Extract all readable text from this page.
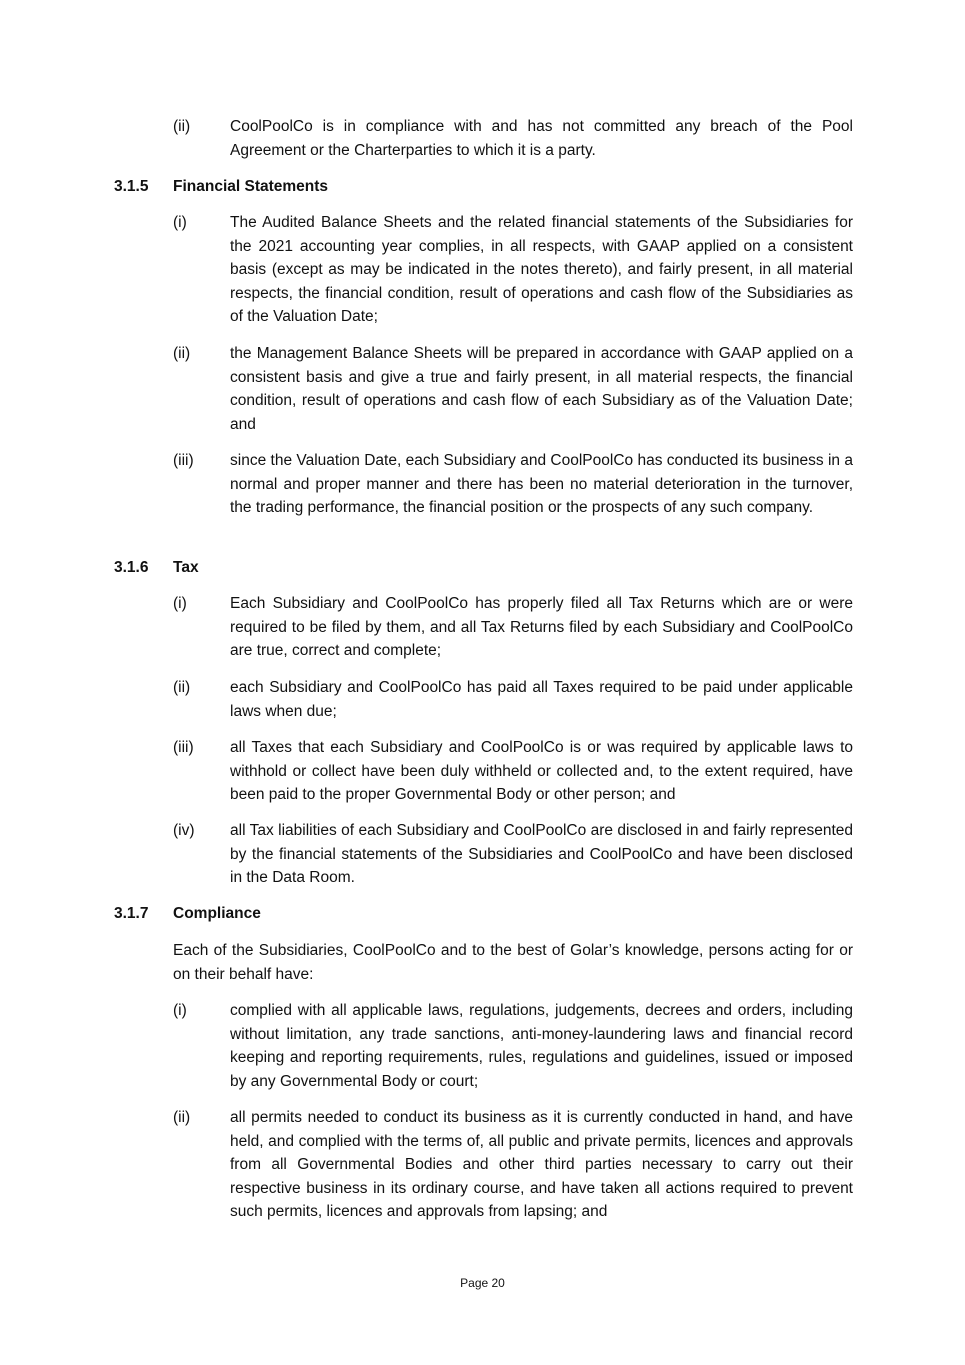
(ii)	CoolPoolCo is in compliance with and has not committed any breach of the Pool Agreement or the Charterparties to which it is a party.
3.1.5 Financial Statements
(i)	The Audited Balance Sheets and the related financial statements of the Subsidiaries for the 2021 accounting year complies, in all respects, with GAAP applied on a consistent basis (except as may be indicated in the notes thereto), and fairly present, in all material respects, the financial condition, result of operations and cash flow of the Subsidiaries as of the Valuation Date;
(ii)	the Management Balance Sheets will be prepared in accordance with GAAP applied on a consistent basis and give a true and fairly present, in all material respects, the financial condition, result of operations and cash flow of each Subsidiary as of the Valuation Date; and
(iii) since the Valuation Date, each Subsidiary and CoolPoolCo has conducted its business in a normal and proper manner and there has been no material deterioration in the turnover, the trading performance, the financial position or the prospects of any such company.
3.1.6 Tax
(i)	Each Subsidiary and CoolPoolCo has properly filed all Tax Returns which are or were required to be filed by them, and all Tax Returns filed by each Subsidiary and CoolPoolCo are true, correct and complete;
(ii)	each Subsidiary and CoolPoolCo has paid all Taxes required to be paid under applicable laws when due;
(iii) all Taxes that each Subsidiary and CoolPoolCo is or was required by applicable laws to withhold or collect have been duly withheld or collected and, to the extent required, have been paid to the proper Governmental Body or other person; and
(iv) all Tax liabilities of each Subsidiary and CoolPoolCo are disclosed in and fairly represented by the financial statements of the Subsidiaries and CoolPoolCo and have been disclosed in the Data Room.
3.1.7 Compliance
Each of the Subsidiaries, CoolPoolCo and to the best of Golar’s knowledge, persons acting for or on their behalf have:
(i)	complied with all applicable laws, regulations, judgements, decrees and orders, including without limitation, any trade sanctions, anti-money-laundering laws and financial record keeping and reporting requirements, rules, regulations and guidelines, issued or imposed by any Governmental Body or court;
(ii)	all permits needed to conduct its business as it is currently conducted in hand, and have held, and complied with the terms of, all public and private permits, licences and approvals from all Governmental Bodies and other third parties necessary to carry out their respective business in its ordinary course, and have taken all actions required to prevent such permits, licences and approvals from lapsing; and
Page 20
